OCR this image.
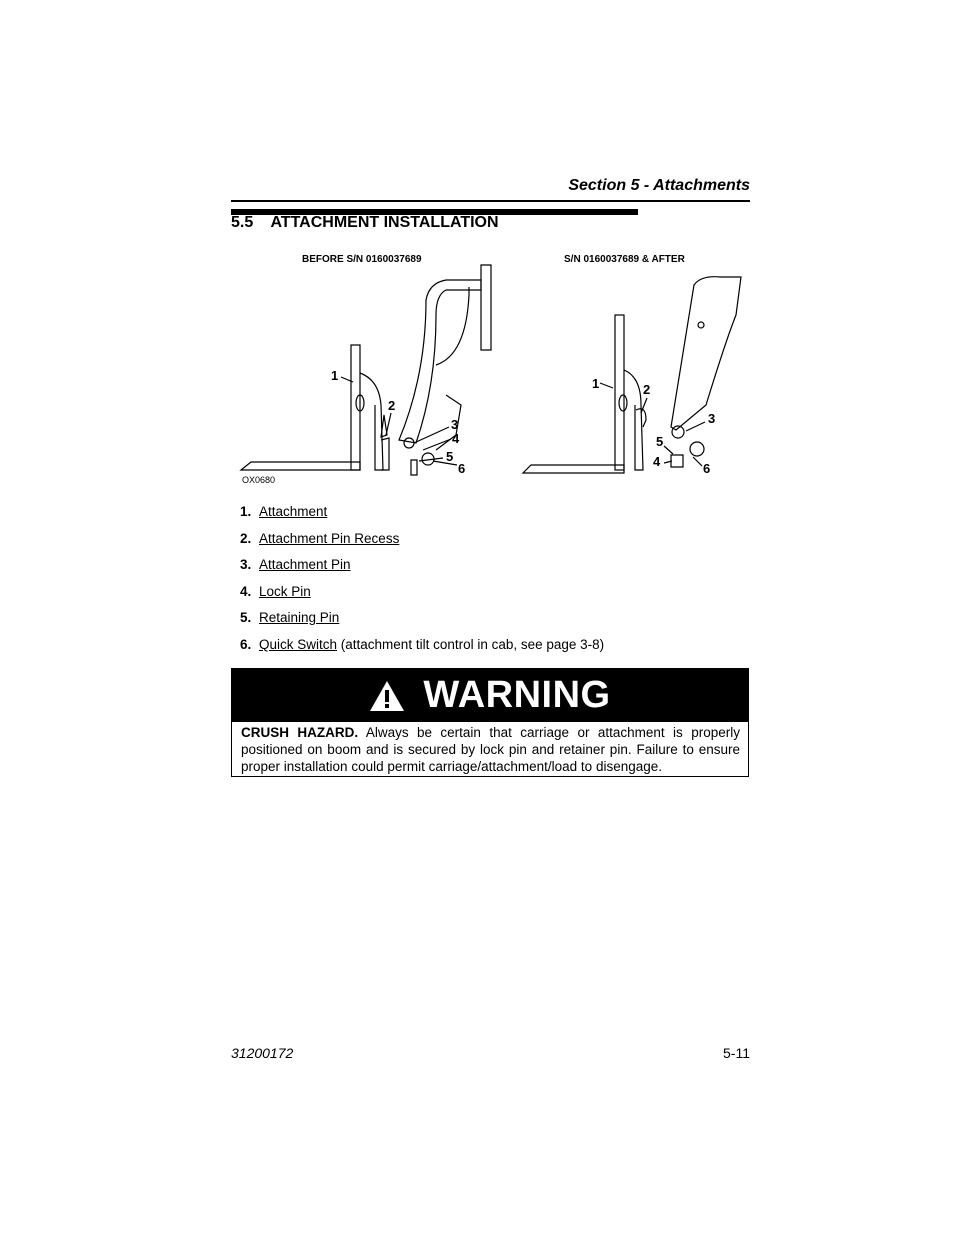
Section 5 - Attachments
5.5 ATTACHMENT INSTALLATION
BEFORE S/N 0160037689	S/N 0160037689 & AFTER
1
2
3
4
5
6
1	2
3
4
5
6
OX0680
1. Attachment
2. Attachment Pin Recess
3. Attachment Pin
4. Lock Pin
5. Retaining Pin
6. Quick Switch (attachment tilt control in cab, see page 3-8)
WARNING
CRUSH HAZARD. Always be certain that carriage or attachment is properly positioned on boom and is secured by lock pin and retainer pin. Failure to ensure proper installation could permit carriage/attachment/load to disengage.
31200172	5-11
